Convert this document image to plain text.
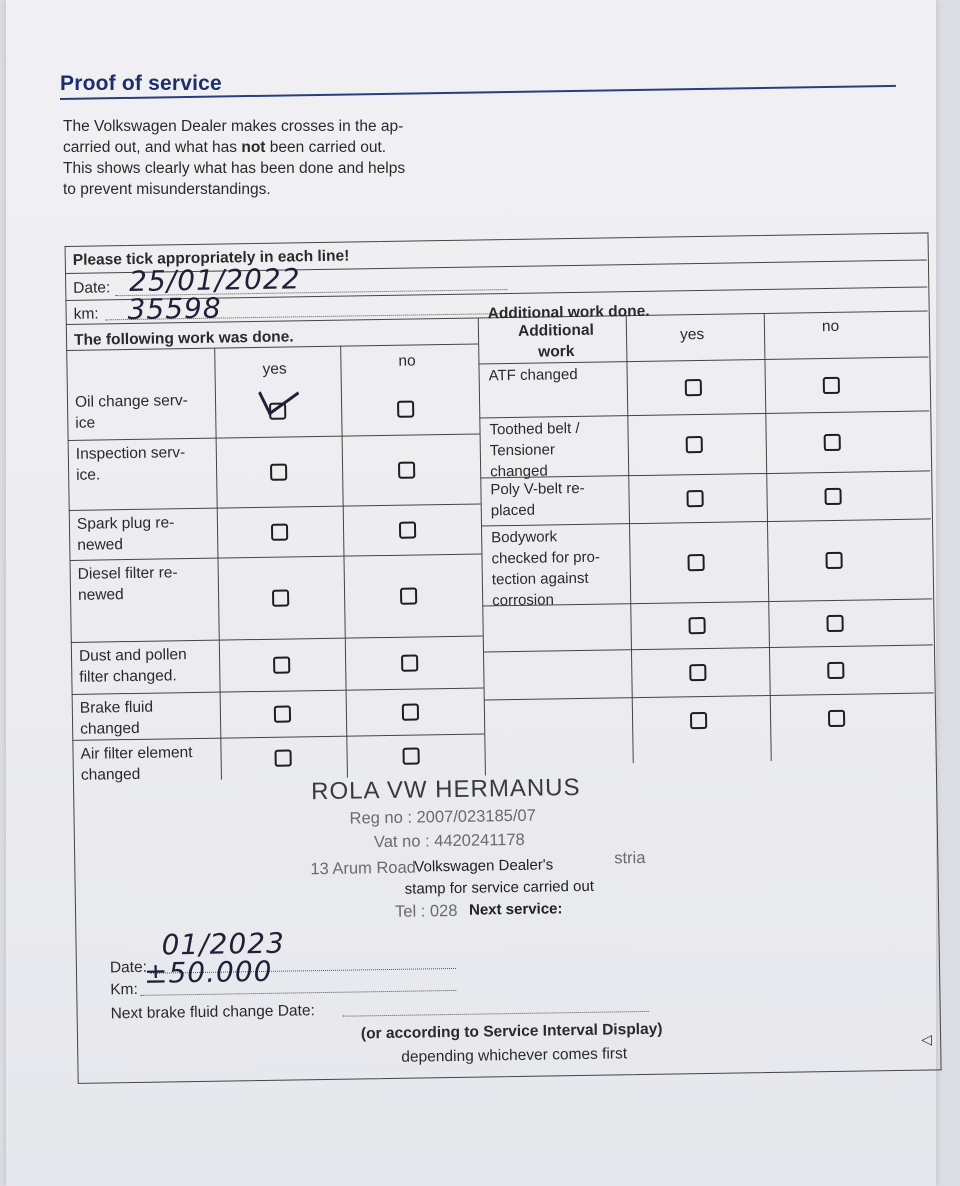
Proof of service

The Volkswagen Dealer makes crosses in the ap-

carried out, and what has not been carried out.

This shows clearly what has been done and helps

to prevent misunderstandings.

Please tick appropriately in each line!
Date: 25/01/2022
km: 35598
The following work was done.
yes	no
Oil change serv-
ice
Inspection serv-
ice.
Spark plug re-
newed
Diesel filter re-
newed
Dust and pollen
filter changed.
Brake fluid
changed
Air filter element
changed
Additional work done.
Additional
work
yes	no
ATF changed
Toothed belt /
Tensioner
changed
Poly V-belt re-
placed
Bodywork
checked for pro-
tection against
corrosion
ROLA VW HERMANUS
Reg no : 2007/023185/07
Vat no : 4420241178
13 Arum Road
stria
Tel : 028
Volkswagen Dealer's
stamp for service carried out
Next service:
Date:
01/2023
Km: ±50.000
Next brake fluid change Date:
(or according to Service Interval Display)
depending whichever comes first
◁
